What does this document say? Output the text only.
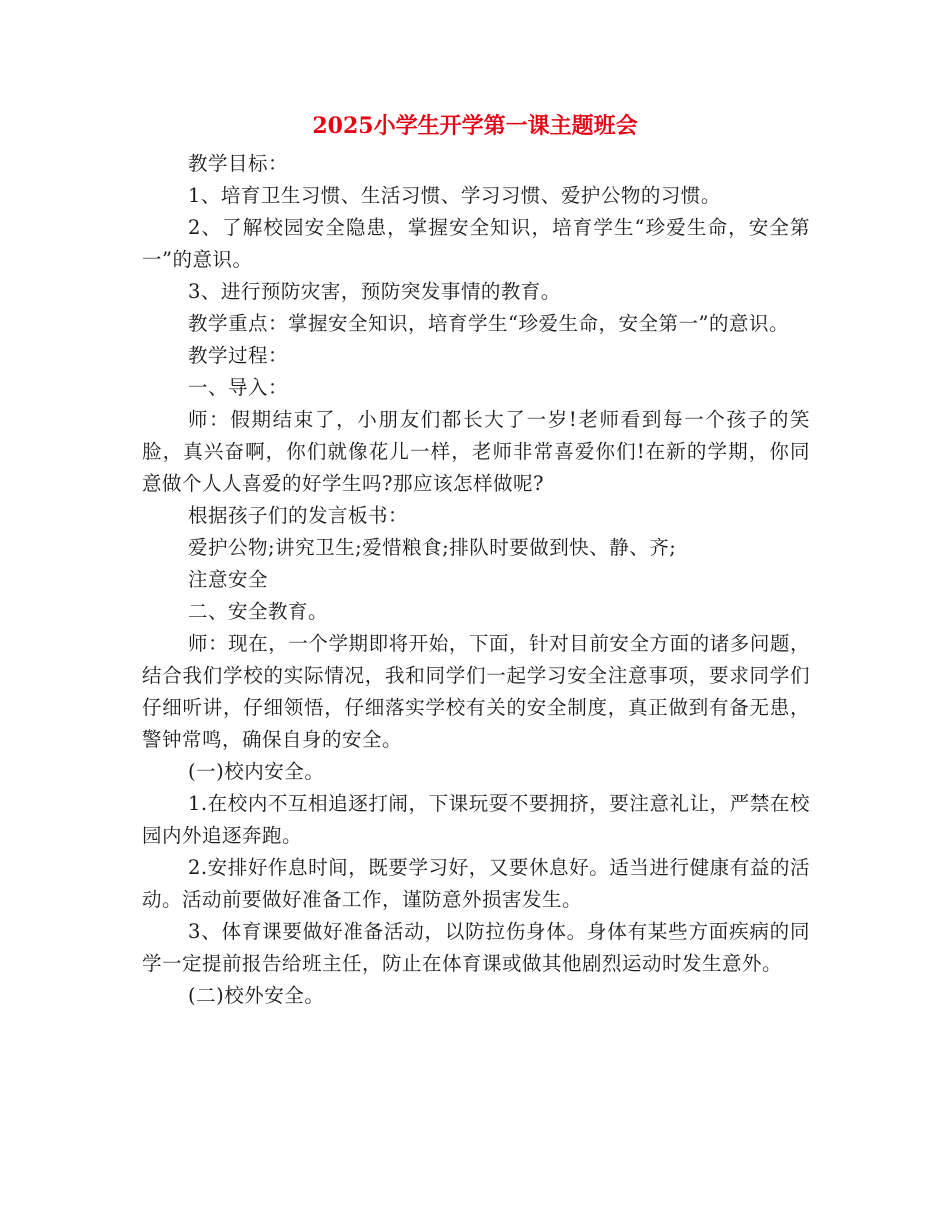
2025小学生开学第一课主题班会

教学目标：

1、培育卫生习惯、生活习惯、学习习惯、爱护公物的习惯。

2、了解校园安全隐患，掌握安全知识，培育学生“珍爱生命，安全第一”的意识。

3、进行预防灾害，预防突发事情的教育。

教学重点：掌握安全知识，培育学生“珍爱生命，安全第一”的意识。

教学过程：

一、导入：

师：假期结束了，小朋友们都长大了一岁!老师看到每一个孩子的笑脸，真兴奋啊，你们就像花儿一样，老师非常喜爱你们!在新的学期，你同意做个人人喜爱的好学生吗?那应该怎样做呢?

根据孩子们的发言板书：

爱护公物;讲究卫生;爱惜粮食;排队时要做到快、静、齐;

注意安全

二、安全教育。

师：现在，一个学期即将开始，下面，针对目前安全方面的诸多问题，结合我们学校的实际情况，我和同学们一起学习安全注意事项，要求同学们仔细听讲，仔细领悟，仔细落实学校有关的安全制度，真正做到有备无患，警钟常鸣，确保自身的安全。

(一)校内安全。

1.在校内不互相追逐打闹，下课玩耍不要拥挤，要注意礼让，严禁在校园内外追逐奔跑。

2.安排好作息时间，既要学习好，又要休息好。适当进行健康有益的活动。活动前要做好准备工作，谨防意外损害发生。

3、体育课要做好准备活动，以防拉伤身体。身体有某些方面疾病的同学一定提前报告给班主任，防止在体育课或做其他剧烈运动时发生意外。

(二)校外安全。
